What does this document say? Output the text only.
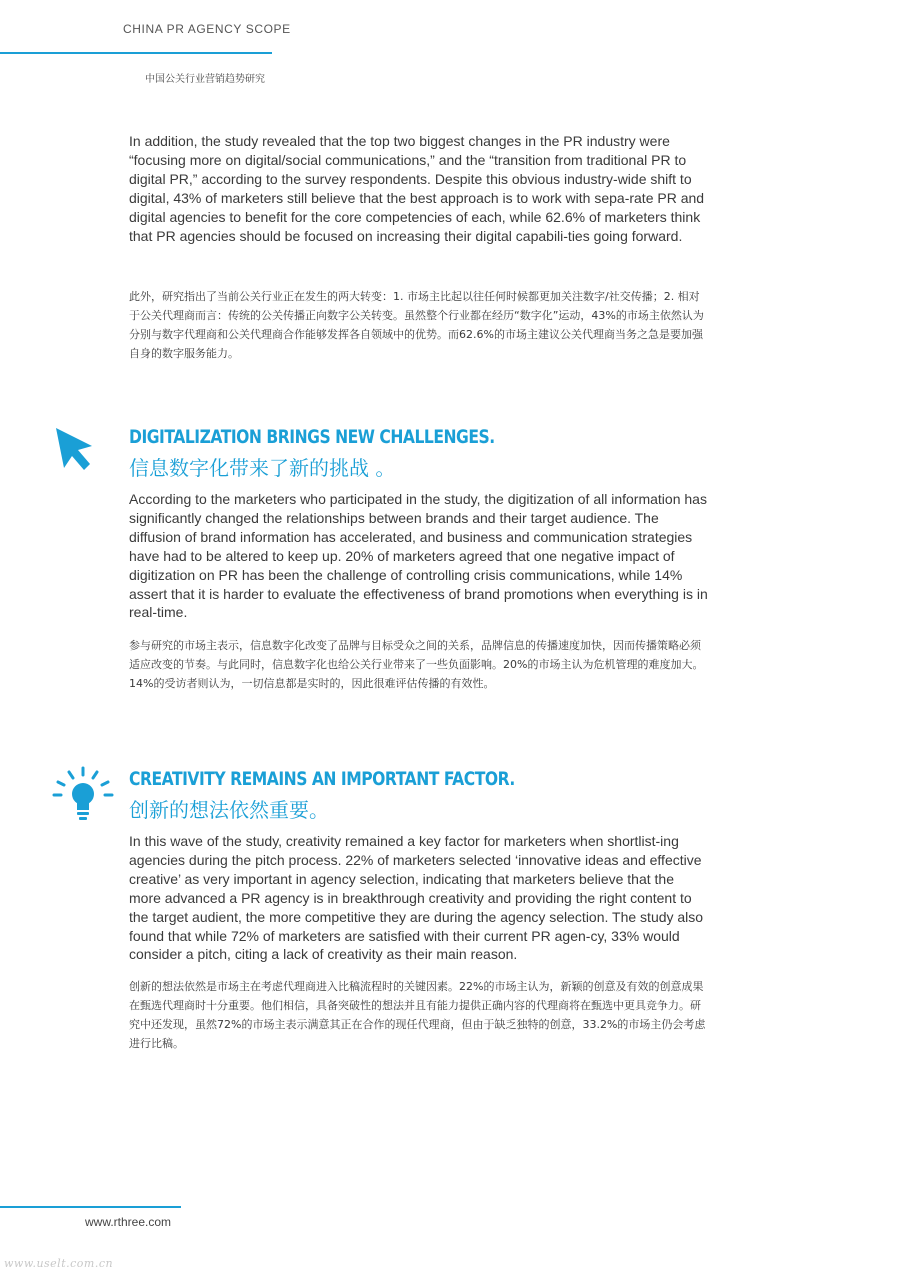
CHINA PR AGENCY SCOPE
中国公关行业营销趋势研究

In addition, the study revealed that the top two biggest changes in the PR industry were “focusing more on digital/social communications,” and the “transition from traditional PR to digital PR,” according to the survey respondents. Despite this obvious industry-wide shift to digital, 43% of marketers still believe that the best approach is to work with sepa-rate PR and digital agencies to benefit for the core competencies of each, while 62.6% of marketers think that PR agencies should be focused on increasing their digital capabili-ties going forward.

此外，研究指出了当前公关行业正在发生的两大转变：1. 市场主比起以往任何时候都更加关注数字/社交传播；2. 相对于公关代理商而言：传统的公关传播正向数字公关转变。虽然整个行业都在经历“数字化”运动，43%的市场主依然认为分别与数字代理商和公关代理商合作能够发挥各自领域中的优势。而62.6%的市场主建议公关代理商当务之急是要加强自身的数字服务能力。

DIGITALIZATION BRINGS NEW CHALLENGES.
信息数字化带来了新的挑战 。

According to the marketers who participated in the study, the digitization of all information has significantly changed the relationships between brands and their target audience. The diffusion of brand information has accelerated, and business and communication strategies have had to be altered to keep up. 20% of marketers agreed that one negative impact of digitization on PR has been the challenge of controlling crisis communications, while 14% assert that it is harder to evaluate the effectiveness of brand promotions when everything is in real-time.

参与研究的市场主表示，信息数字化改变了品牌与目标受众之间的关系，品牌信息的传播速度加快，因而传播策略必须适应改变的节奏。与此同时，信息数字化也给公关行业带来了一些负面影响。20%的市场主认为危机管理的难度加大。14%的受访者则认为，一切信息都是实时的，因此很难评估传播的有效性。

CREATIVITY REMAINS AN IMPORTANT FACTOR.
创新的想法依然重要。

In this wave of the study, creativity remained a key factor for marketers when shortlist-ing agencies during the pitch process. 22% of marketers selected ‘innovative ideas and effective creative’ as very important in agency selection, indicating that marketers believe that the more advanced a PR agency is in breakthrough creativity and providing the right content to the target audient, the more competitive they are during the agency selection. The study also found that while 72% of marketers are satisfied with their current PR agen-cy, 33% would consider a pitch, citing a lack of creativity as their main reason.

创新的想法依然是市场主在考虑代理商进入比稿流程时的关键因素。22%的市场主认为，新颖的创意及有效的创意成果在甄选代理商时十分重要。他们相信，具备突破性的想法并且有能力提供正确内容的代理商将在甄选中更具竞争力。研究中还发现，虽然72%的市场主表示满意其正在合作的现任代理商，但由于缺乏独特的创意，33.2%的市场主仍会考虑进行比稿。

www.rthree.com
www.uselt.com.cn
